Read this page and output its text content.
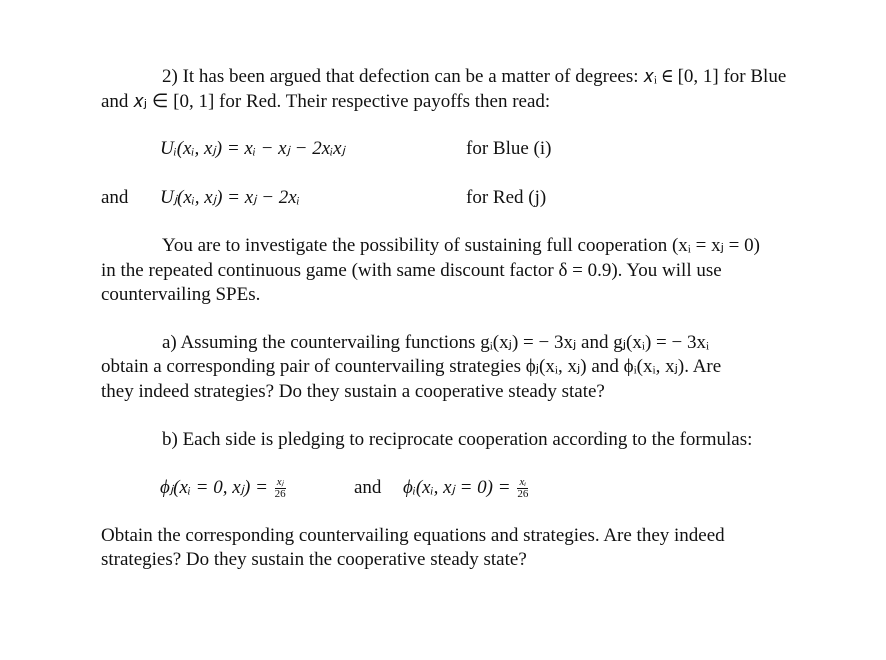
2) It has been argued that defection can be a matter of degrees: 𝑥ᵢ ∈ [0, 1] for Blue
and 𝑥ⱼ ∈ [0, 1] for Red. Their respective payoffs then read:
Uᵢ(xᵢ, xⱼ) = xᵢ − xⱼ − 2xᵢxⱼ	for Blue (i)
and Uⱼ(xᵢ, xⱼ) = xⱼ − 2xᵢ	for Red (j)
You are to investigate the possibility of sustaining full cooperation (xᵢ = xⱼ = 0)
in the repeated continuous game (with same discount factor δ = 0.9). You will use
countervailing SPEs.
a) Assuming the countervailing functions gᵢ(xⱼ) = − 3xⱼ and gⱼ(xᵢ) = − 3xᵢ
obtain a corresponding pair of countervailing strategies ϕⱼ(xᵢ, xⱼ) and ϕᵢ(xᵢ, xⱼ). Are
they indeed strategies? Do they sustain a cooperative steady state?
b) Each side is pledging to reciprocate cooperation according to the formulas:
ϕⱼ(xᵢ = 0, xⱼ) = $\frac{\text{xⱼ}}{26}$	and ϕᵢ(xᵢ, xⱼ = $0) = \frac{\text{xᵢ}}{26}$
Obtain the corresponding countervailing equations and strategies. Are they indeed
strategies? Do they sustain the cooperative steady state?
